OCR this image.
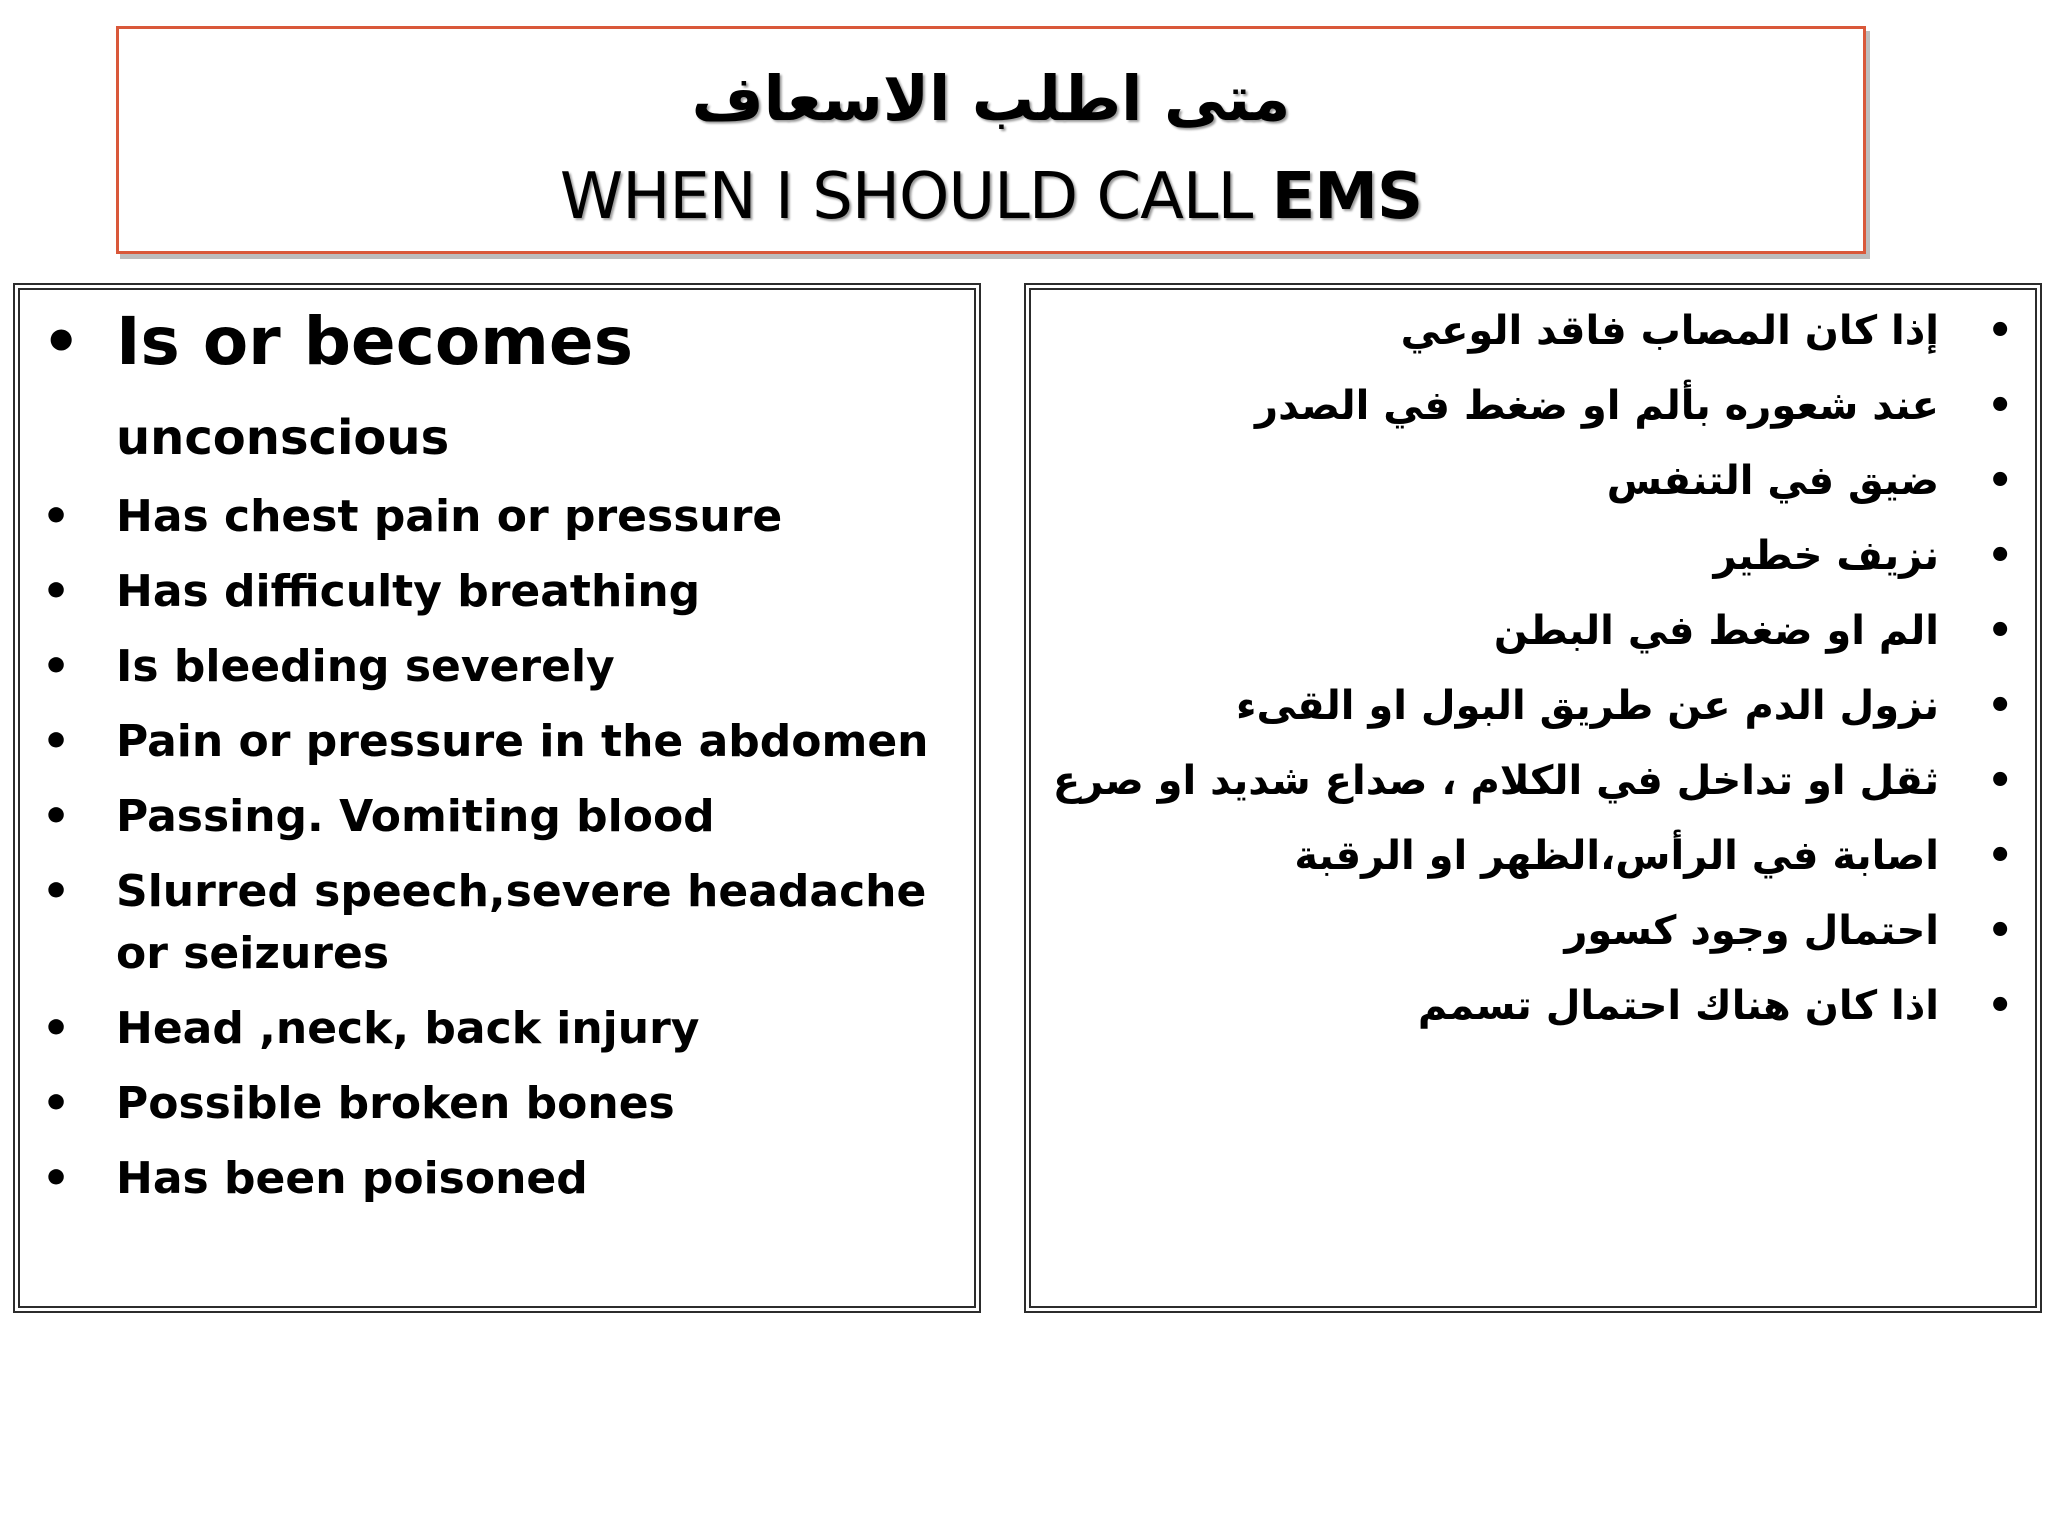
متى اطلب الاسعاف
WHEN I SHOULD CALL EMS
• Is or becomes unconscious
• Has chest pain or pressure
• Has difficulty breathing
• Is bleeding severely
• Pain or pressure in the abdomen
• Passing. Vomiting blood
• Slurred speech,severe headache or seizures
• Head ,neck, back injury
• Possible broken bones
• Has been poisoned
•
إذا كان المصاب فاقد الوعي
•
عند شعوره بألم او ضغط في الصدر
•
ضيق في التنفس
•
نزيف خطير
•
الم او ضغط في البطن
•
نزول الدم عن طريق البول او القىء
•
ثقل او تداخل في الكلام ، صداع شديد او صرع
•
اصابة في الرأس،الظهر او الرقبة
•
احتمال وجود كسور
•
اذا كان هناك احتمال تسمم
